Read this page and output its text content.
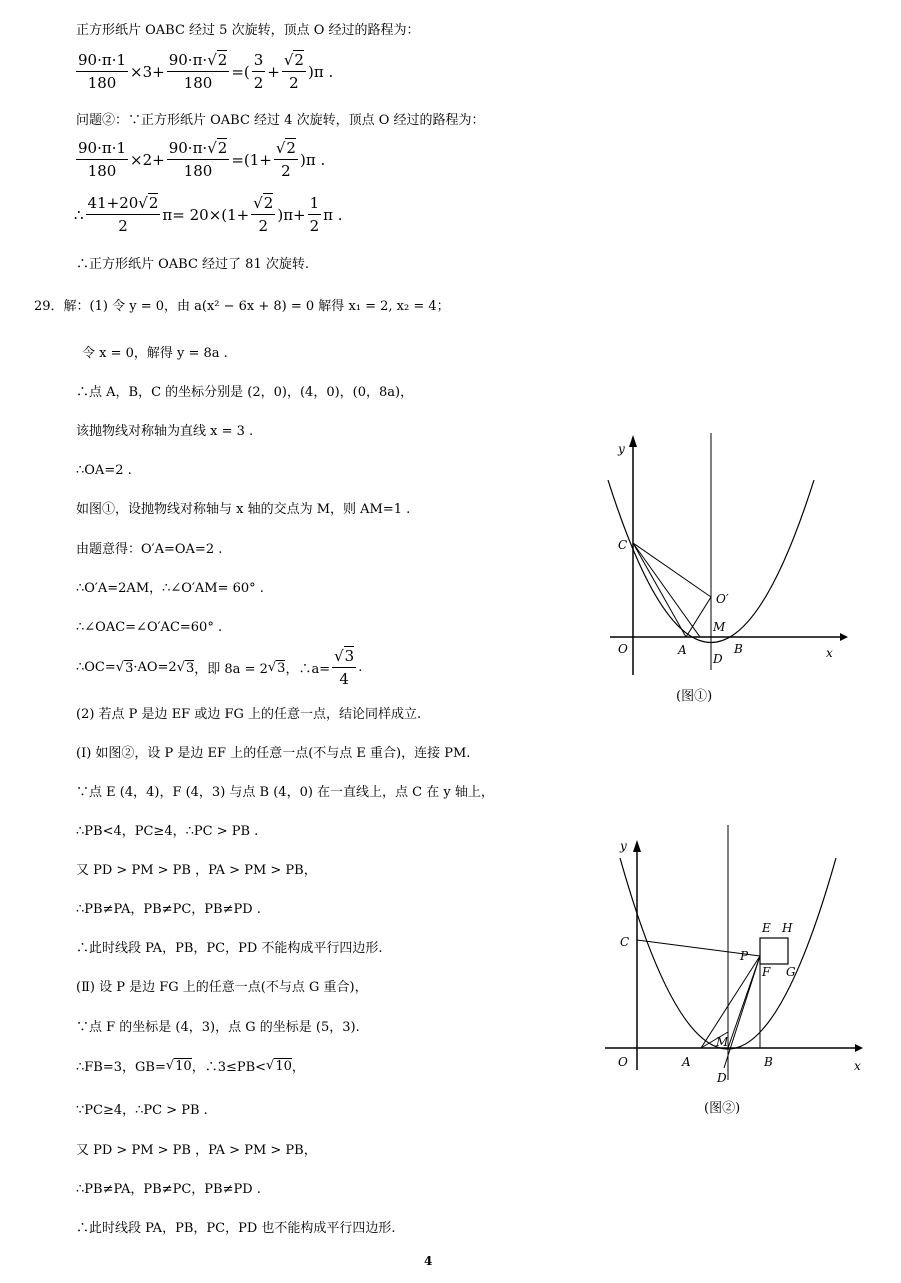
正方形纸片 OABC 经过 5 次旋转，顶点 O 经过的路程为：
$\frac{90\cdot\pi\cdot 1}{180} \times 3+ \frac{90\cdot\pi\cdot√2}{180}$ =( $\frac{3}{2} + \frac{√2}{2} )\pi$ .
问题②：∵正方形纸片 OABC 经过 4 次旋转，顶点 O 经过的路程为：
$\frac{90\cdot\pi\cdot 1}{180} \times 2+ \frac{90\cdot\pi\cdot√2}{180} =(1+ \frac{√2}{2} )\pi$ .
∴ $\frac{41+20√2}{2} \pi= 20\times(1+ \frac{√2}{2} )\pi+ \frac{1}{2}$ π .
∴正方形纸片 OABC 经过了 81 次旋转.
29．解：(1) 令 y = 0，由 a(x² − 6x + 8) = 0 解得 x₁ = 2, x₂ = 4；
令 x = 0，解得 y = 8a .
∴点 A，B，C 的坐标分别是 (2，0)，(4，0)，(0，8a)，
该抛物线对称轴为直线 x = 3 .
∴OA=2 .
如图①，设抛物线对称轴与 x 轴的交点为 M，则 AM=1 .
由题意得：O′A=OA=2 .
∴O′A=2AM，∴∠O′AM= 60° .
∴∠OAC=∠O′AC=60° .
∴OC= √ 3 ·AO=2 √ 3 ，即 8a = 2 √ 3 ，∴a= $\frac{√3}{4}$ .
(2) 若点 P 是边 EF 或边 FG 上的任意一点，结论同样成立.
(Ⅰ) 如图②，设 P 是边 EF 上的任意一点(不与点 E 重合)，连接 PM.
∵点 E (4，4)，F (4，3) 与点 B (4，0) 在一直线上，点 C 在 y 轴上，
∴PB<4，PC≥4，∴PC > PB .
又 PD > PM > PB ，PA > PM > PB，
∴PB≠PA，PB≠PC，PB≠PD .
∴此时线段 PA，PB，PC，PD 不能构成平行四边形.
(Ⅱ) 设 P 是边 FG 上的任意一点(不与点 G 重合)，
∵点 F 的坐标是 (4，3)，点 G 的坐标是 (5，3).
∴FB=3，GB= √ 10 ，∴3≤PB< √ 10 ，
∵PC≥4，∴PC > PB .
又 PD > PM > PB ，PA > PM > PB，
∴PB≠PA，PB≠PC，PB≠PD .
∴此时线段 PA，PB，PC，PD 也不能构成平行四边形.
y
x
O	A	B
C
D
M
O′
(图①)
y
x
O	A	B
C
D
M
P
E H
F G
(图②)
4
